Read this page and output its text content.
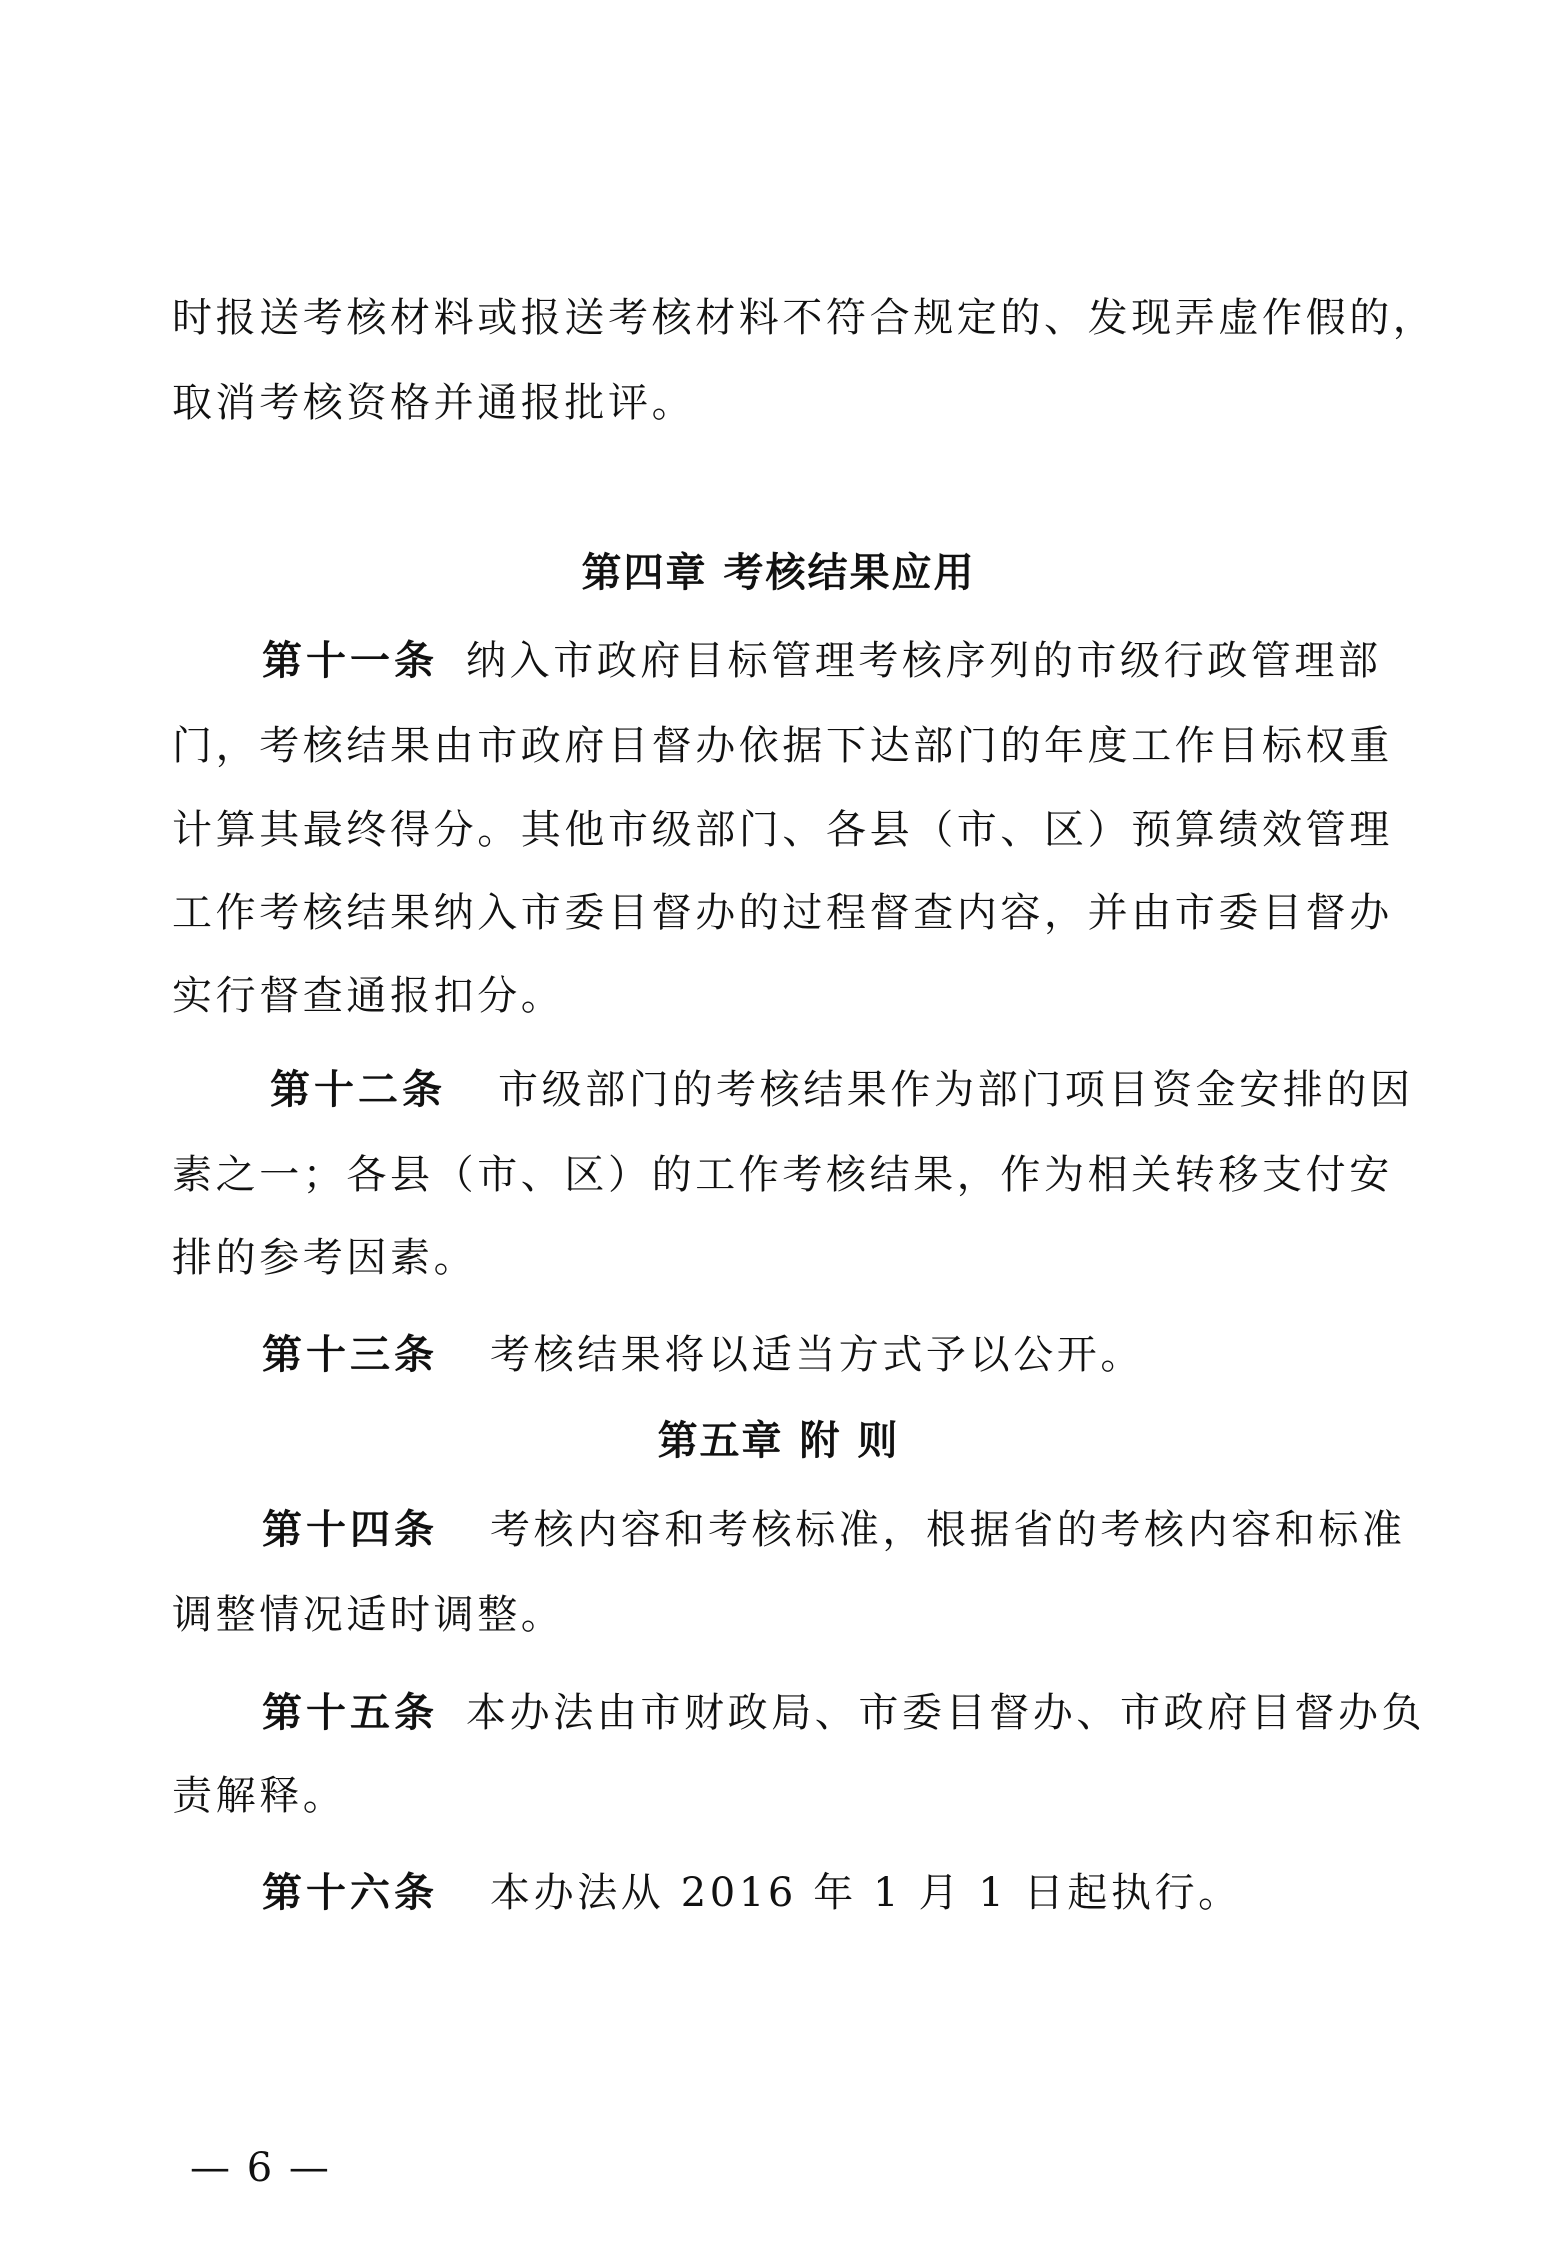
时报送考核材料或报送考核材料不符合规定的、发现弄虚作假的，
取消考核资格并通报批评。
第四章 考核结果应用
第十一条 纳入市政府目标管理考核序列的市级行政管理部
门，考核结果由市政府目督办依据下达部门的年度工作目标权重
计算其最终得分。其他市级部门、各县（市、区）预算绩效管理
工作考核结果纳入市委目督办的过程督查内容，并由市委目督办
实行督查通报扣分。
第十二条 市级部门的考核结果作为部门项目资金安排的因
素之一；各县（市、区）的工作考核结果，作为相关转移支付安
排的参考因素。
第十三条 考核结果将以适当方式予以公开。
第五章 附 则
第十四条 考核内容和考核标准，根据省的考核内容和标准
调整情况适时调整。
第十五条 本办法由市财政局、市委目督办、市政府目督办负
责解释。
第十六条 本办法从 2016 年 1 月 1 日起执行。
— 6 —
